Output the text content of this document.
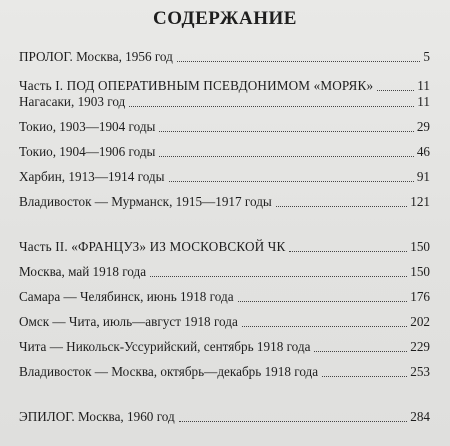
СОДЕРЖАНИЕ
ПРОЛОГ. Москва, 1956 год	5
Часть I. ПОД ОПЕРАТИВНЫМ ПСЕВДОНИМОМ «МОРЯК»	11
Нагасаки, 1903 год	11
Токио, 1903—1904 годы	29
Токио, 1904—1906 годы	46
Харбин, 1913—1914 годы	91
Владивосток — Мурманск, 1915—1917 годы	121
Часть II. «ФРАНЦУЗ» ИЗ МОСКОВСКОЙ ЧК	150
Москва, май 1918 года	150
Самара — Челябинск, июнь 1918 года	176
Омск — Чита, июль—август 1918 года	202
Чита — Никольск-Уссурийский, сентябрь 1918 года	229
Владивосток — Москва, октябрь—декабрь 1918 года	253
ЭПИЛОГ. Москва, 1960 год	284
